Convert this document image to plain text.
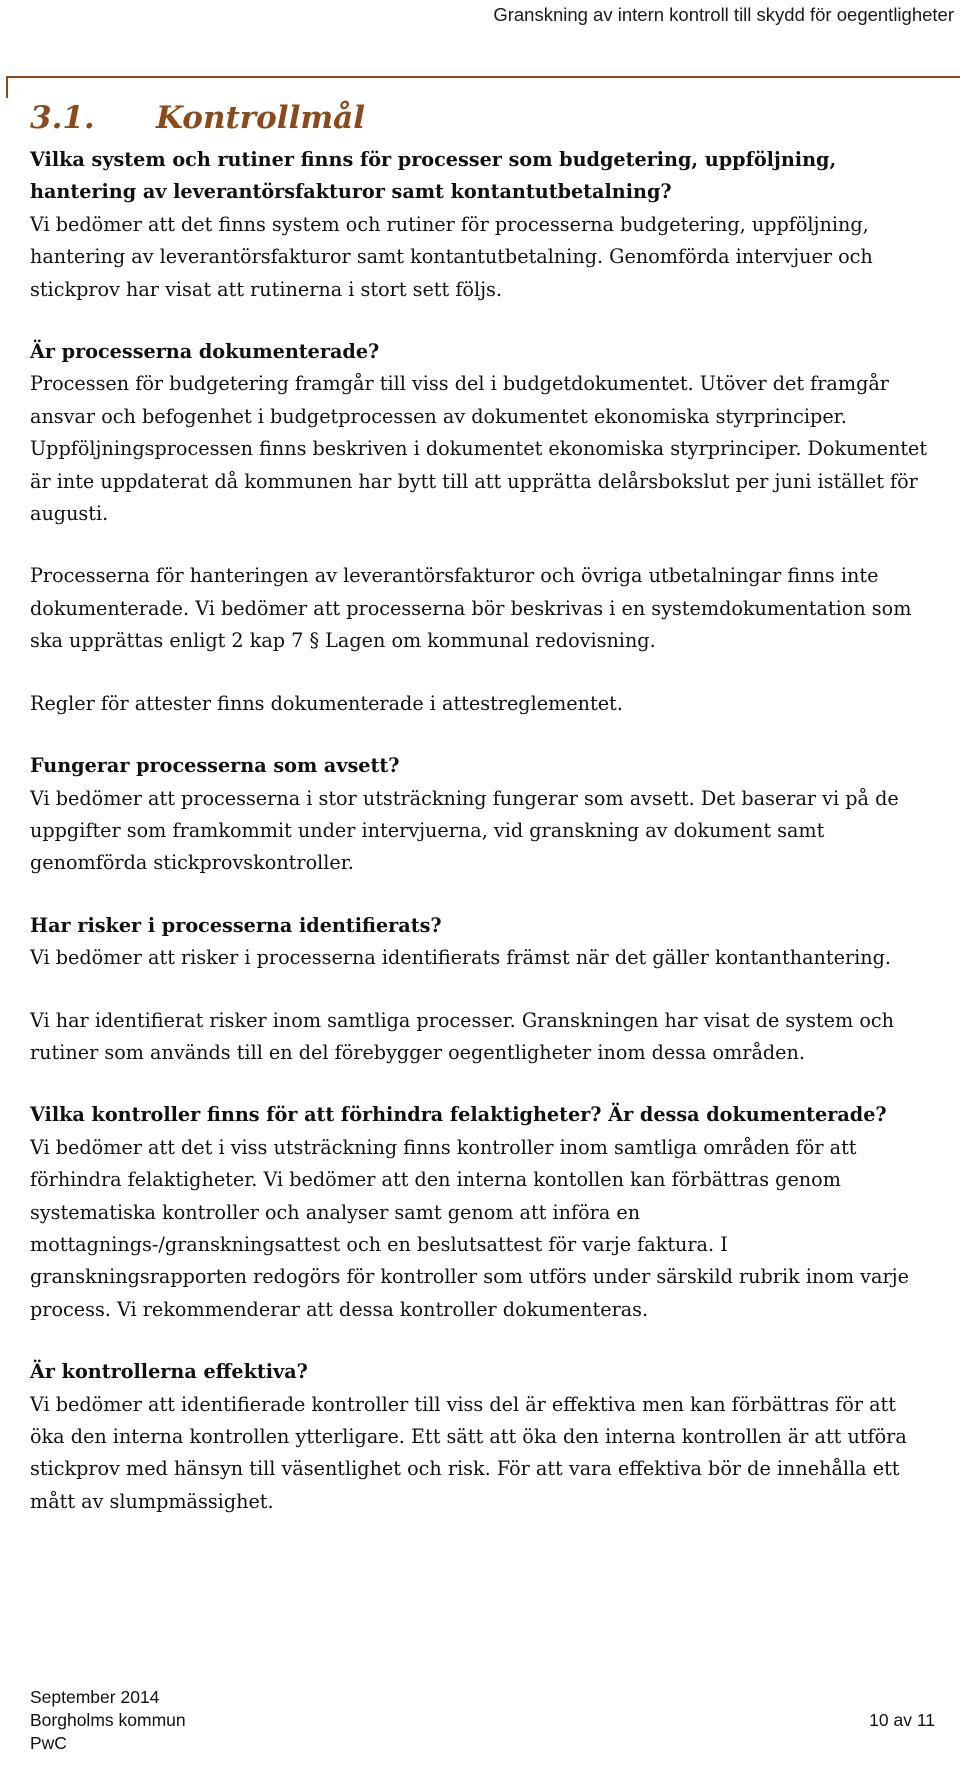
Granskning av intern kontroll till skydd för oegentligheter
3.1. Kontrollmål

Vilka system och rutiner finns för processer som budgetering, uppföljning, hantering av leverantörsfakturor samt kontantutbetalning?

Vi bedömer att det finns system och rutiner för processerna budgetering, uppföljning, hantering av leverantörsfakturor samt kontantutbetalning. Genomförda intervjuer och stickprov har visat att rutinerna i stort sett följs.

Är processerna dokumenterade?

Processen för budgetering framgår till viss del i budgetdokumentet. Utöver det framgår ansvar och befogenhet i budgetprocessen av dokumentet ekonomiska styrprinciper. Uppföljningsprocessen finns beskriven i dokumentet ekonomiska styrprinciper. Dokumentet är inte uppdaterat då kommunen har bytt till att upprätta delårsbokslut per juni istället för augusti.

Processerna för hanteringen av leverantörsfakturor och övriga utbetalningar finns inte dokumenterade. Vi bedömer att processerna bör beskrivas i en systemdokumentation som ska upprättas enligt 2 kap 7 § Lagen om kommunal redovisning.

Regler för attester finns dokumenterade i attestreglementet.

Fungerar processerna som avsett?

Vi bedömer att processerna i stor utsträckning fungerar som avsett. Det baserar vi på de uppgifter som framkommit under intervjuerna, vid granskning av dokument samt genomförda stickprovskontroller.

Har risker i processerna identifierats?

Vi bedömer att risker i processerna identifierats främst när det gäller kontanthantering.

Vi har identifierat risker inom samtliga processer. Granskningen har visat de system och rutiner som används till en del förebygger oegentligheter inom dessa områden.

Vilka kontroller finns för att förhindra felaktigheter? Är dessa dokumenterade?

Vi bedömer att det i viss utsträckning finns kontroller inom samtliga områden för att förhindra felaktigheter. Vi bedömer att den interna kontollen kan förbättras genom systematiska kontroller och analyser samt genom att införa en mottagnings-/granskningsattest och en beslutsattest för varje faktura. I granskningsrapporten redogörs för kontroller som utförs under särskild rubrik inom varje process. Vi rekommenderar att dessa kontroller dokumenteras.

Är kontrollerna effektiva?

Vi bedömer att identifierade kontroller till viss del är effektiva men kan förbättras för att öka den interna kontrollen ytterligare. Ett sätt att öka den interna kontrollen är att utföra stickprov med hänsyn till väsentlighet och risk. För att vara effektiva bör de innehålla ett mått av slumpmässighet.

September 2014
Borgholms kommun
PwC
10 av 11
